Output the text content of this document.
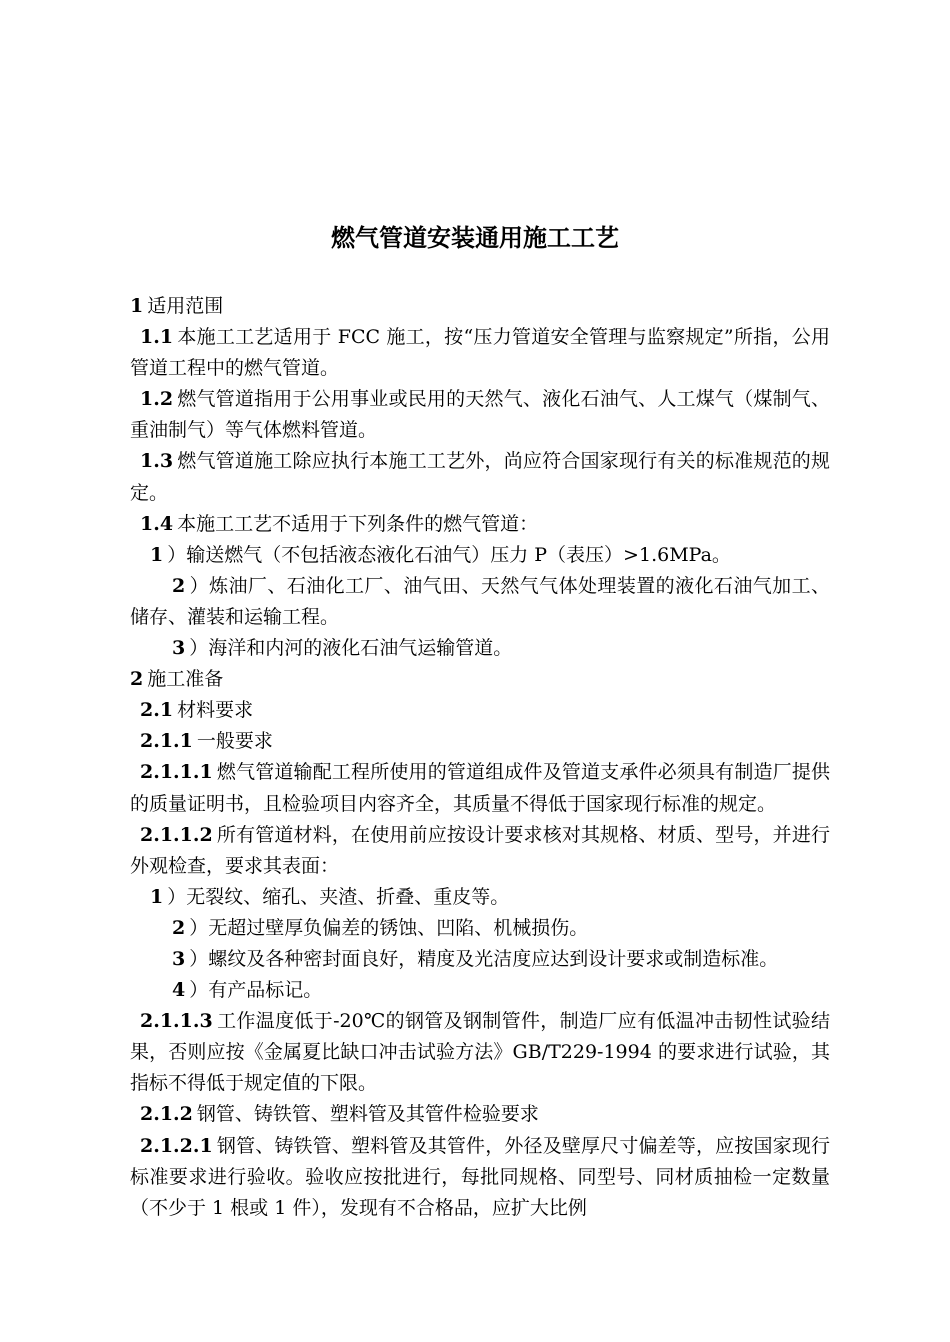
燃气管道安装通用施工工艺

1 适用范围

1.1 本施工工艺适用于 FCC 施工，按“压力管道安全管理与监察规定”所指，公用管道工程中的燃气管道。

1.2 燃气管道指用于公用事业或民用的天然气、液化石油气、人工煤气（煤制气、重油制气）等气体燃料管道。

1.3 燃气管道施工除应执行本施工工艺外，尚应符合国家现行有关的标准规范的规定。

1.4 本施工工艺不适用于下列条件的燃气管道：

1 ）输送燃气（不包括液态液化石油气）压力 P（表压）>1.6MPa。

2 ）炼油厂、石油化工厂、油气田、天然气气体处理装置的液化石油气加工、储存、灌装和运输工程。

3 ）海洋和内河的液化石油气运输管道。

2 施工准备

2.1 材料要求

2.1.1 一般要求

2.1.1.1 燃气管道输配工程所使用的管道组成件及管道支承件必须具有制造厂提供的质量证明书，且检验项目内容齐全，其质量不得低于国家现行标准的规定。

2.1.1.2 所有管道材料，在使用前应按设计要求核对其规格、材质、型号，并进行外观检查，要求其表面：

1 ）无裂纹、缩孔、夹渣、折叠、重皮等。

2 ）无超过壁厚负偏差的锈蚀、凹陷、机械损伤。

3 ）螺纹及各种密封面良好，精度及光洁度应达到设计要求或制造标准。

4 ）有产品标记。

2.1.1.3 工作温度低于-20℃的钢管及钢制管件，制造厂应有低温冲击韧性试验结果，否则应按《金属夏比缺口冲击试验方法》GB/T229-1994 的要求进行试验，其指标不得低于规定值的下限。

2.1.2 钢管、铸铁管、塑料管及其管件检验要求

2.1.2.1 钢管、铸铁管、塑料管及其管件，外径及壁厚尺寸偏差等，应按国家现行标准要求进行验收。验收应按批进行，每批同规格、同型号、同材质抽检一定数量（不少于 1 根或 1 件），发现有不合格品，应扩大比例
